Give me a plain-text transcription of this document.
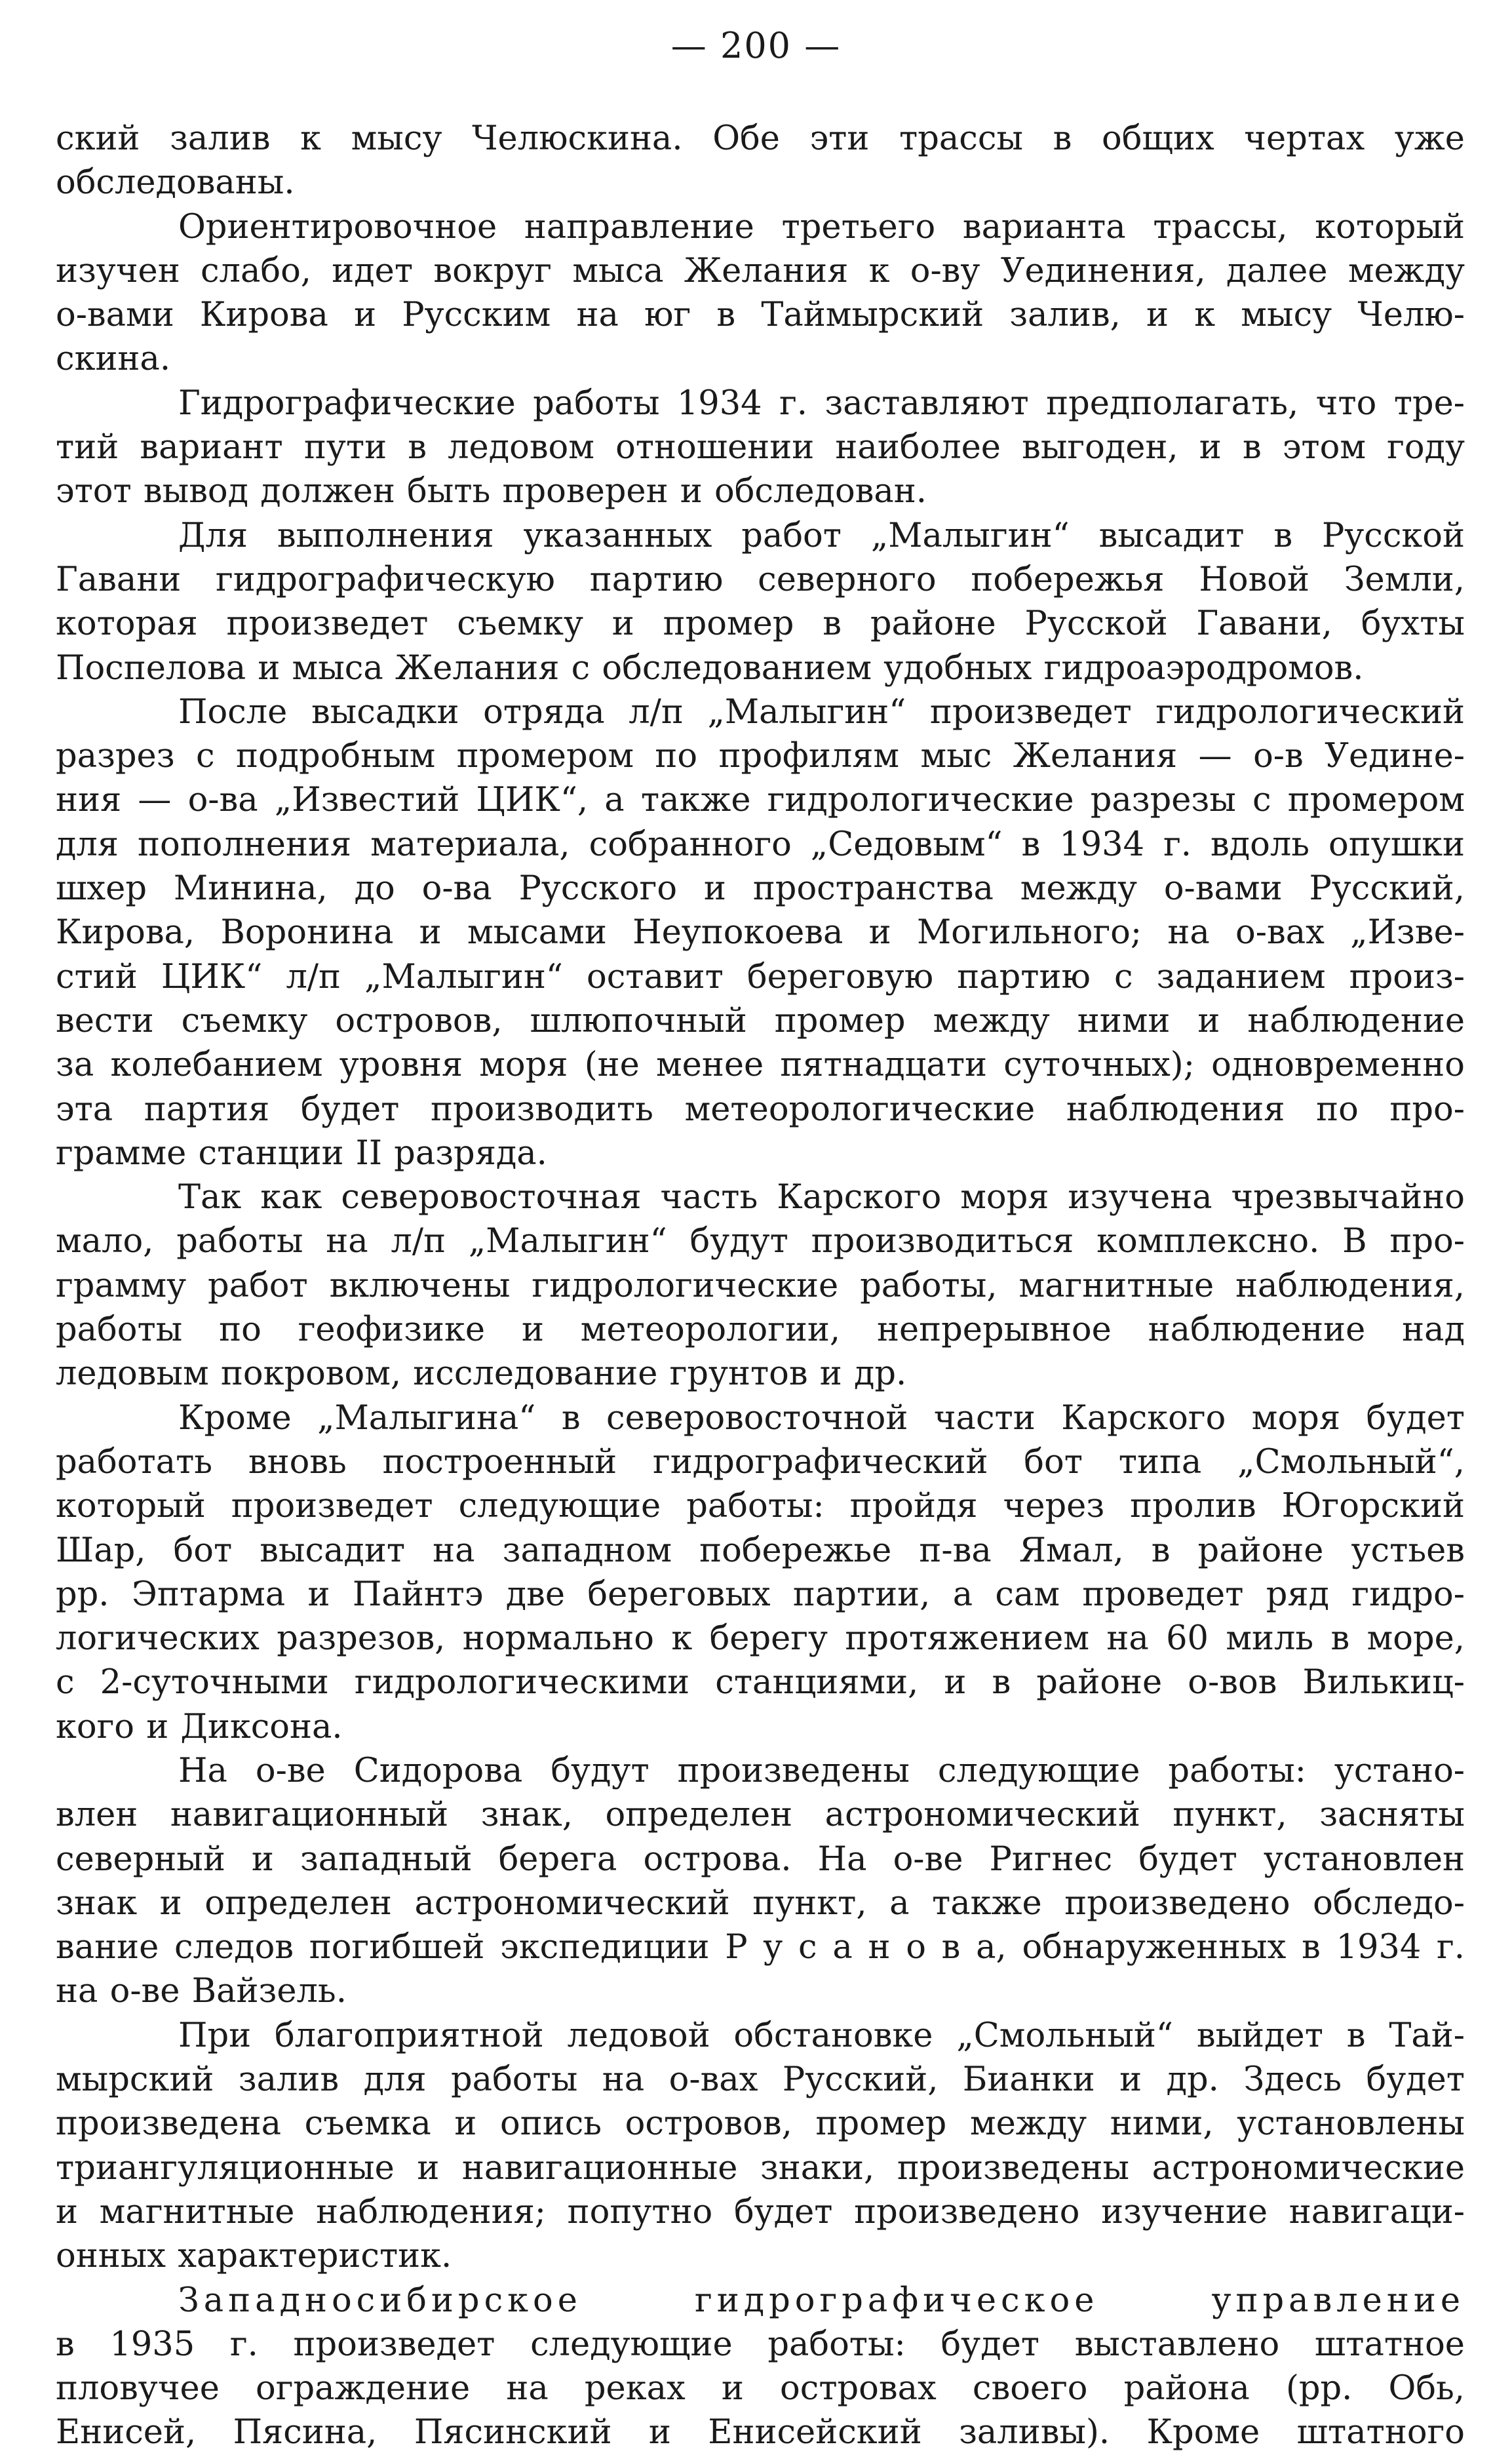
— 200 —
ский залив к мысу Челюскина. Обе эти трассы в общих чертах уже
обследованы.
Ориентировочное направление третьего варианта трассы, который
изучен слабо, идет вокруг мыса Желания к о-ву Уединения, далее между
о-вами Кирова и Русским на юг в Таймырский залив, и к мысу Челю-
скина.
Гидрографические работы 1934 г. заставляют предполагать, что тре-
тий вариант пути в ледовом отношении наиболее выгоден, и в этом году
этот вывод должен быть проверен и обследован.
Для выполнения указанных работ „Малыгин“ высадит в Русской
Гавани гидрографическую партию северного побережья Новой Земли,
которая произведет съемку и промер в районе Русской Гавани, бухты
Поспелова и мыса Желания с обследованием удобных гидроаэродромов.
После высадки отряда л/п „Малыгин“ произведет гидрологический
разрез с подробным промером по профилям мыс Желания — о-в Уедине-
ния — о-ва „Известий ЦИК“, а также гидрологические разрезы с промером
для пополнения материала, собранного „Седовым“ в 1934 г. вдоль опушки
шхер Минина, до о-ва Русского и пространства между о-вами Русский,
Кирова, Воронина и мысами Неупокоева и Могильного; на о-вах „Изве-
стий ЦИК“ л/п „Малыгин“ оставит береговую партию с заданием произ-
вести съемку островов, шлюпочный промер между ними и наблюдение
за колебанием уровня моря (не менее пятнадцати суточных); одновременно
эта партия будет производить метеорологические наблюдения по про-
грамме станции II разряда.
Так как северовосточная часть Карского моря изучена чрезвычайно
мало, работы на л/п „Малыгин“ будут производиться комплексно. В про-
грамму работ включены гидрологические работы, магнитные наблюдения,
работы по геофизике и метеорологии, непрерывное наблюдение над
ледовым покровом, исследование грунтов и др.
Кроме „Малыгина“ в северовосточной части Карского моря будет
работать вновь построенный гидрографический бот типа „Смольный“,
который произведет следующие работы: пройдя через пролив Югорский
Шар, бот высадит на западном побережье п-ва Ямал, в районе устьев
рр. Эптарма и Пайнтэ две береговых партии, а сам проведет ряд гидро-
логических разрезов, нормально к берегу протяжением на 60 миль в море,
с 2-суточными гидрологическими станциями, и в районе о-вов Вилькиц-
кого и Диксона.
На о-ве Сидорова будут произведены следующие работы: устано-
влен навигационный знак, определен астрономический пункт, засняты
северный и западный берега острова. На о-ве Ригнес будет установлен
знак и определен астрономический пункт, а также произведено обследо-
вание следов погибшей экспедиции Р у с а н о в а, обнаруженных в 1934 г.
на о-ве Вайзель.
При благоприятной ледовой обстановке „Смольный“ выйдет в Тай-
мырский залив для работы на о-вах Русский, Бианки и др. Здесь будет
произведена съемка и опись островов, промер между ними, установлены
триангуляционные и навигационные знаки, произведены астрономические
и магнитные наблюдения; попутно будет произведено изучение навигаци-
онных характеристик.
Западносибирское гидрографическое управление
в 1935 г. произведет следующие работы: будет выставлено штатное
пловучее ограждение на реках и островах своего района (рр. Обь,
Енисей, Пясина, Пясинский и Енисейский заливы). Кроме штатного
